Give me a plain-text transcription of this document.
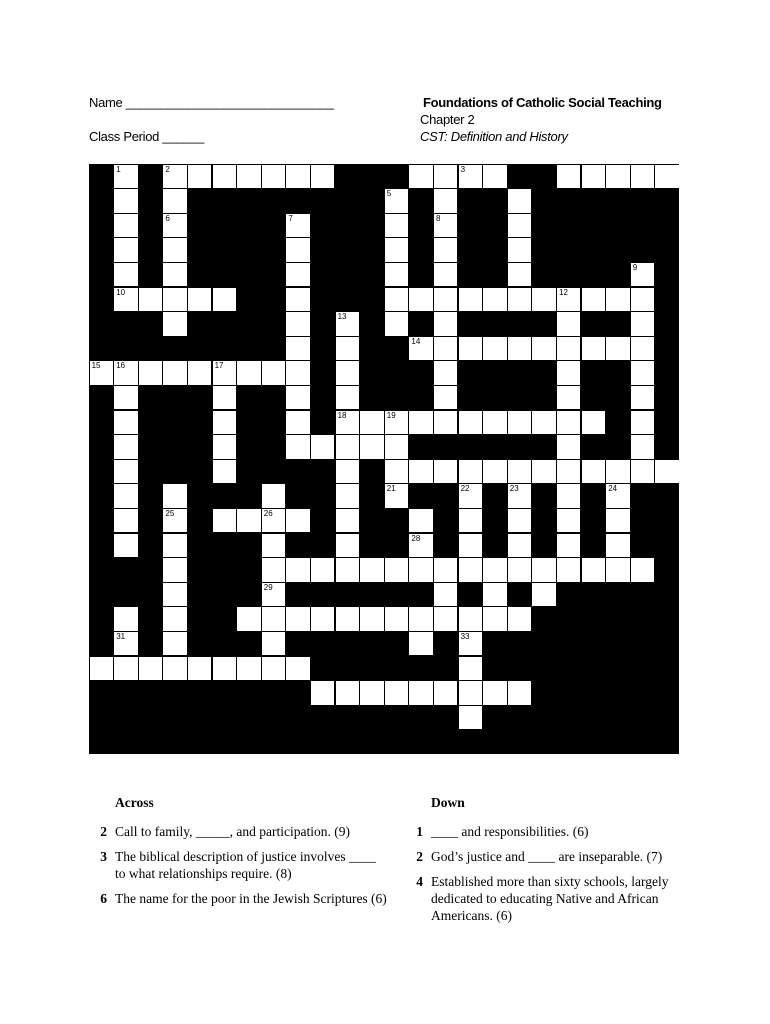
Name ______________________________
Class Period ______
Foundations of Catholic Social Teaching
Chapter 2
CST: Definition and History
1	2	3	4
5
6	7	8
9
10	11	12
13
14
15 16	17
18	19
20
21	22	23	24
25	26
27	28
29	30
31	32	33
34
35
Across
2 Call to family, _____, and participation. (9)
3 The biblical description of justice involves ____ to what relationships require. (8)
6 The name for the poor in the Jewish Scriptures (6)
Down
1 ____ and responsibilities. (6)
2 God’s justice and ____ are inseparable. (7)
4 Established more than sixty schools, largely dedicated to educating Native and African Americans. (6)
